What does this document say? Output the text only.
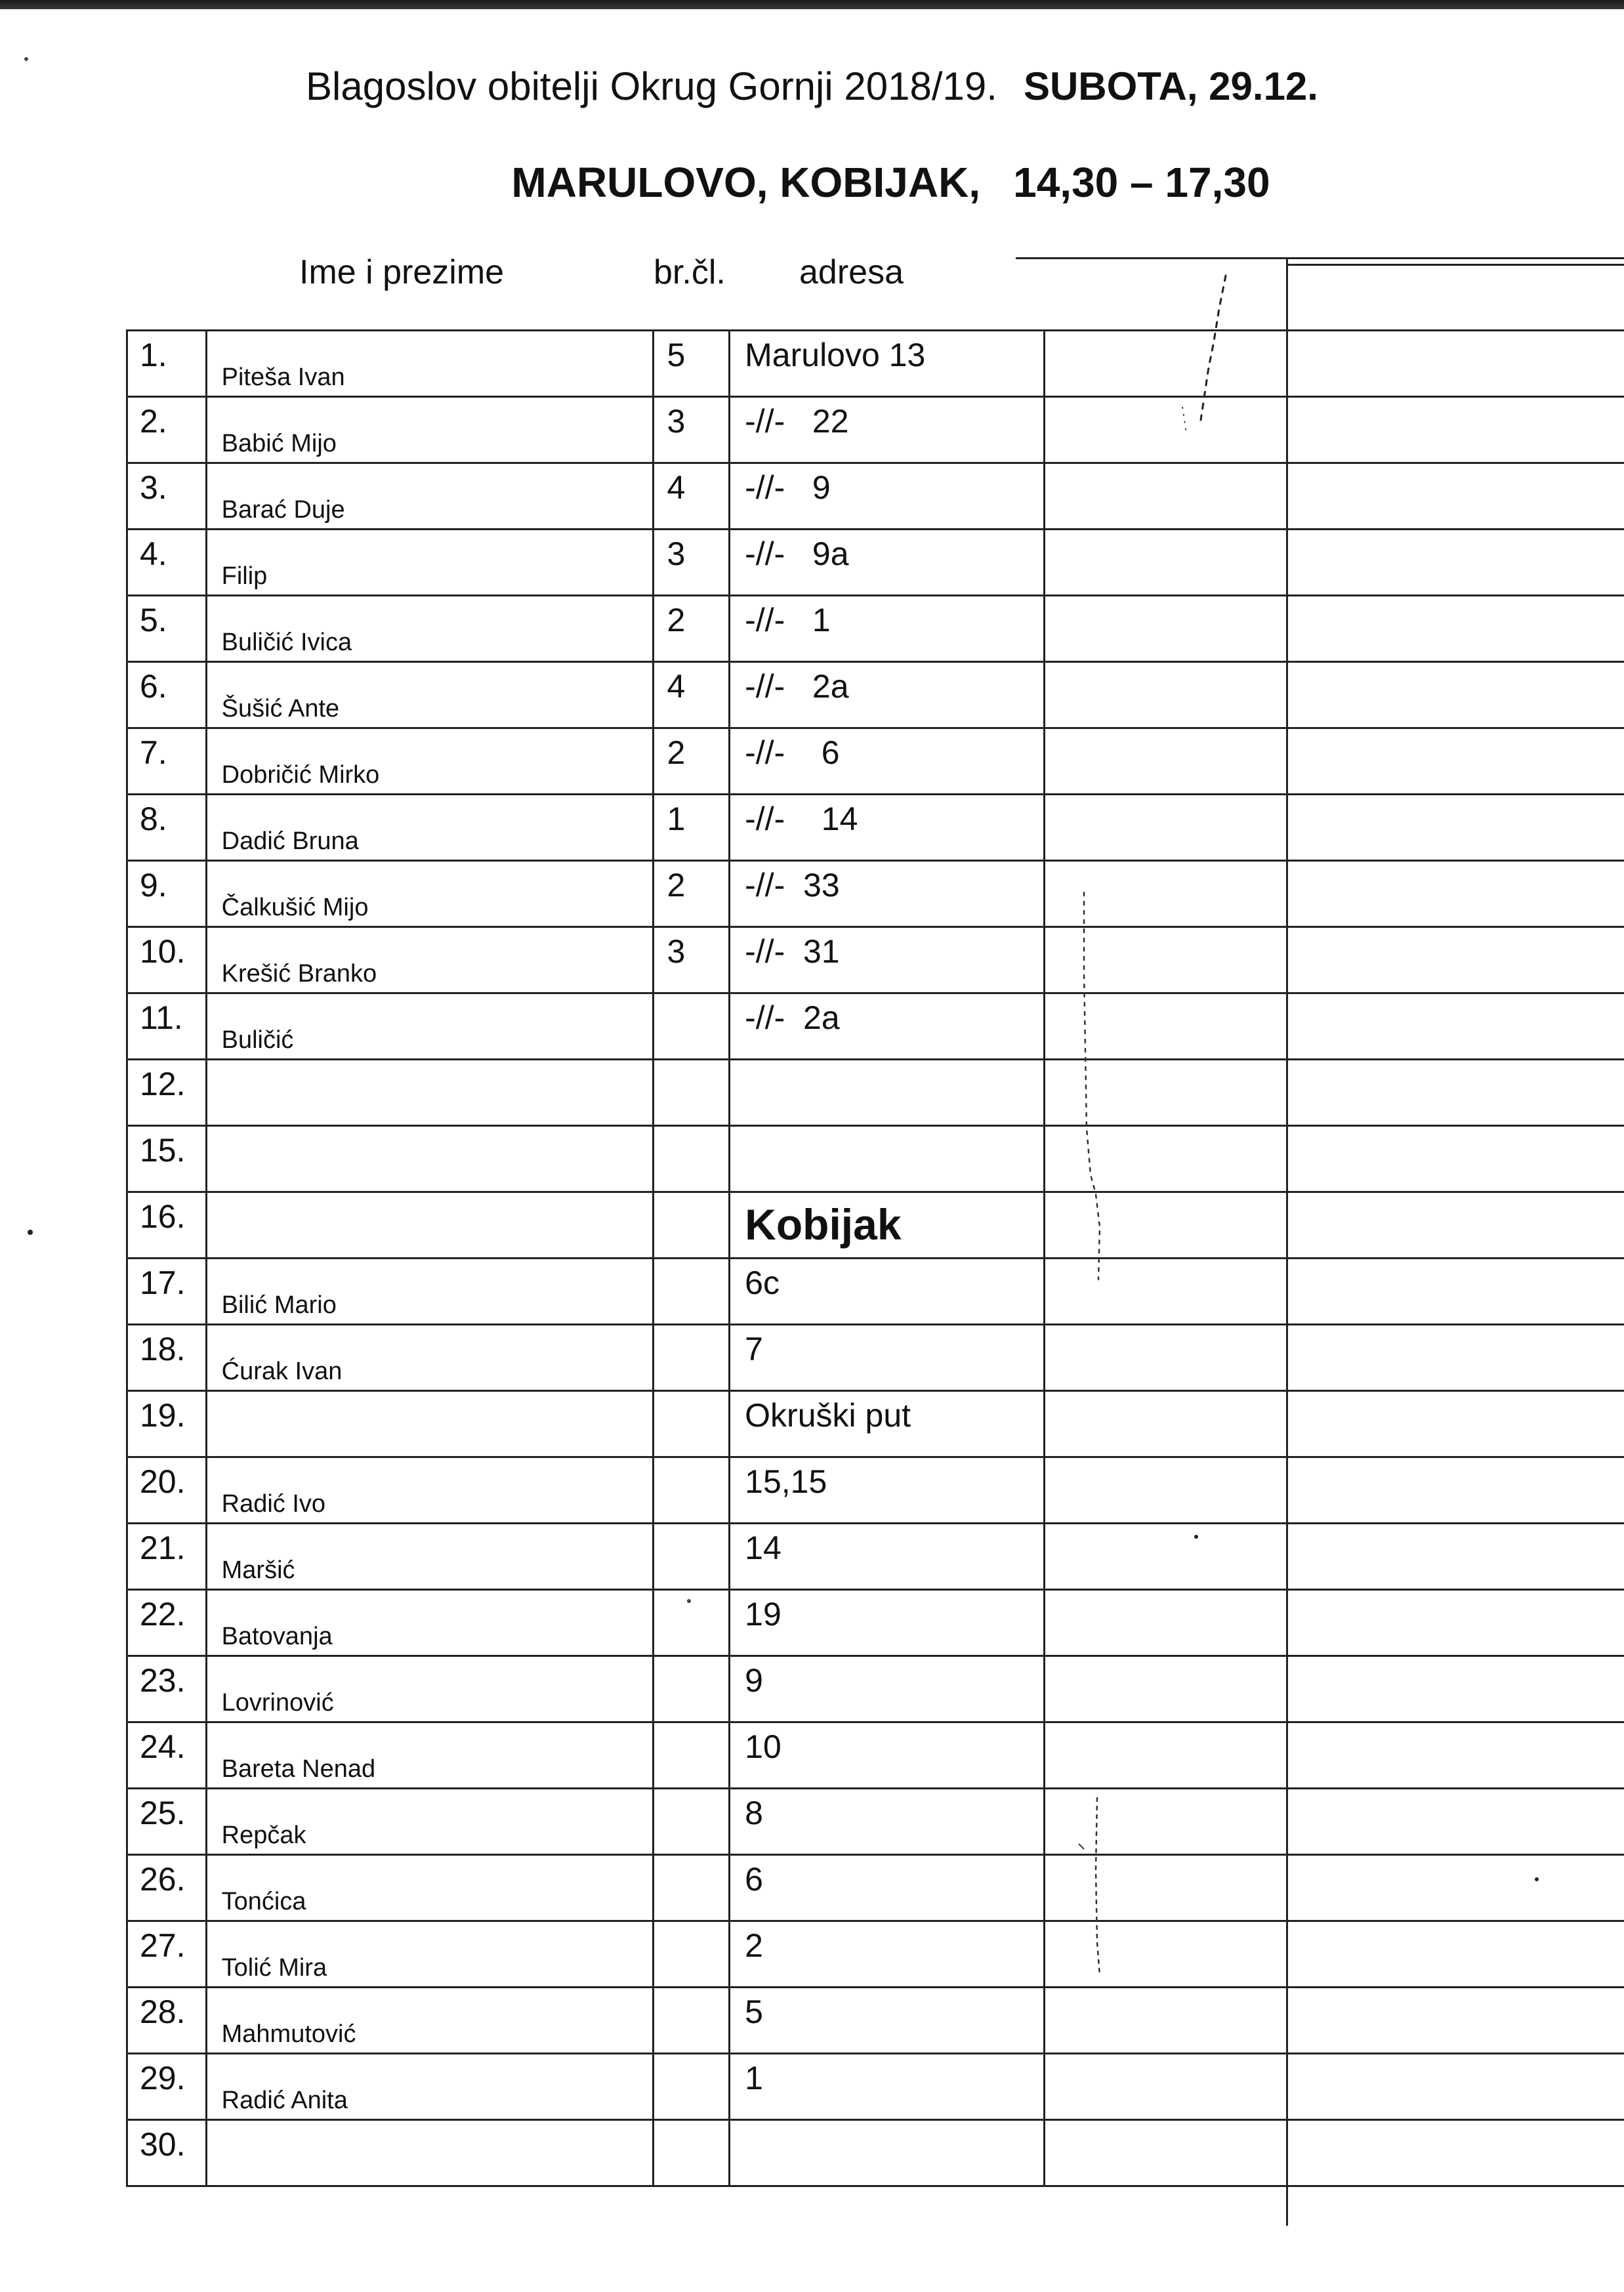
Blagoslov obitelji Okrug Gornji 2018/19. SUBOTA, 29.12.
MARULOVO, KOBIJAK, 14,30 – 17,30
Ime i prezime	br.čl. adresa
1.	Piteša Ivan	5	Marulovo 13		

2.	Babić Mijo	3	-//-   22		

3.	Barać Duje	4	-//-   9		

4.	Filip	3	-//-   9a		

5.	Buličić Ivica	2	-//-   1		

6.	Šušić Ante	4	-//-   2a		

7.	Dobričić Mirko	2	-//-    6		

8.	Dadić Bruna	1	-//-    14		

9.	Čalkušić Mijo	2	-//-  33		

10.	Krešić Branko	3	-//-  31		

11.	Buličić		-//-  2a		

12.					

15.					

16.			Kobijak		

17.	Bilić Mario		6c		

18.	Ćurak Ivan		7		

19.			Okruški put		

20.	Radić Ivo		15,15		

21.	Maršić		14		

22.	Batovanja		19		

23.	Lovrinović		9		

24.	Bareta Nenad		10		

25.	Repčak		8		

26.	Tonćica		6		

27.	Tolić Mira		2		

28.	Mahmutović		5		

29.	Radić Anita		1		

30.					
